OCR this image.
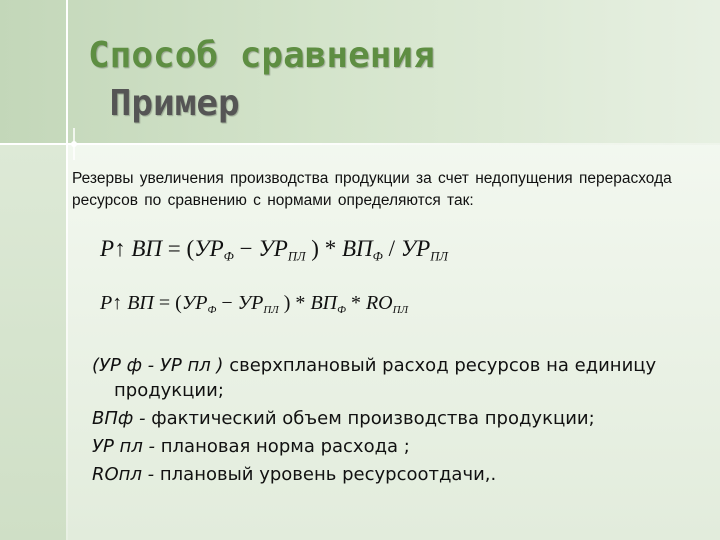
Способ сравнения
Пример

Резервы увеличения производства продукции за счет недопущения перерасхода ресурсов по сравнению с нормами определяются так:

P↑ ВП = ($УР_Ф - УР_{ПЛ}$ ) * $ВП_Ф / УР_{ПЛ}$
P↑ ВП = ($УР_Ф - УР_{ПЛ}$ ) * $ВП_Ф * RO_{ПЛ}$
(УР ф - УР пл ) сверхплановый расход ресурсов на единицу продукции;
ВПф - фактический объем производства продукции;
УР пл - плановая норма расхода ;
RОпл - плановый уровень ресурсоотдачи,.
